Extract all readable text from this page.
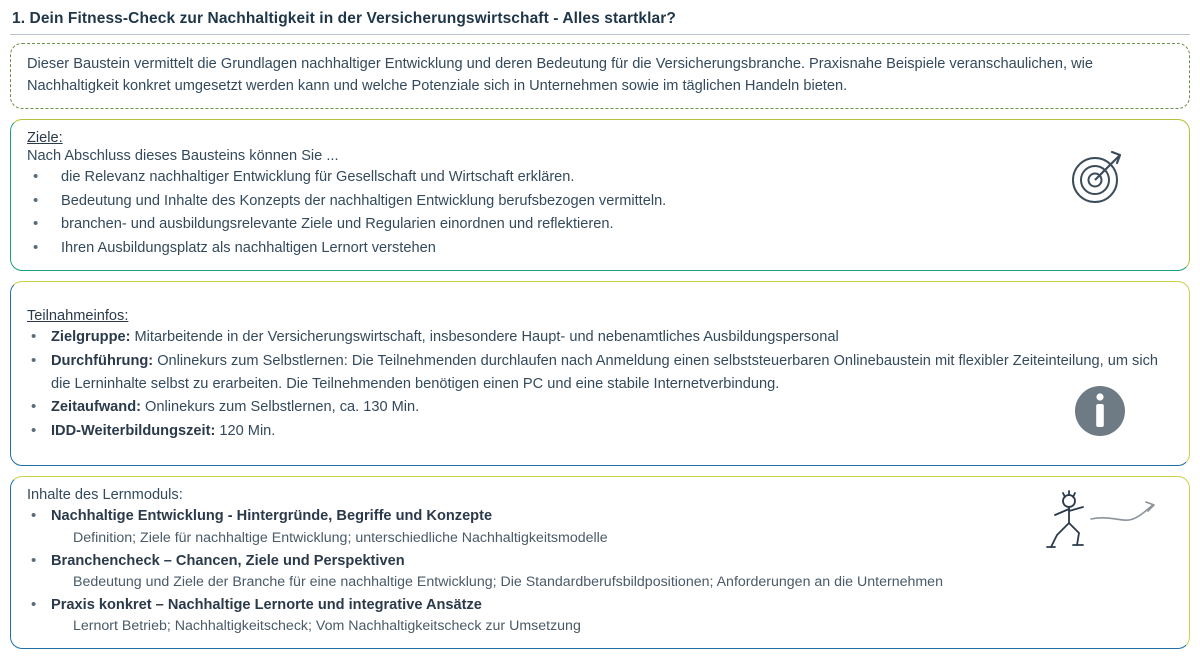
1. Dein Fitness-Check zur Nachhaltigkeit in der Versicherungswirtschaft - Alles startklar?

Dieser Baustein vermittelt die Grundlagen nachhaltiger Entwicklung und deren Bedeutung für die Versicherungsbranche. Praxisnahe Beispiele veranschaulichen, wie Nachhaltigkeit konkret umgesetzt werden kann und welche Potenziale sich in Unternehmen sowie im täglichen Handeln bieten.

Ziele:
Nach Abschluss dieses Bausteins können Sie ...
• die Relevanz nachhaltiger Entwicklung für Gesellschaft und Wirtschaft erklären.
• Bedeutung und Inhalte des Konzepts der nachhaltigen Entwicklung berufsbezogen vermitteln.
• branchen- und ausbildungsrelevante Ziele und Regularien einordnen und reflektieren.
• Ihren Ausbildungsplatz als nachhaltigen Lernort verstehen
Teilnahmeinfos:
• Zielgruppe: Mitarbeitende in der Versicherungswirtschaft, insbesondere Haupt- und nebenamtliches Ausbildungspersonal
• Durchführung: Onlinekurs zum Selbstlernen: Die Teilnehmenden durchlaufen nach Anmeldung einen selbststeuerbaren Onlinebaustein mit flexibler Zeiteinteilung, um sich die Lerninhalte selbst zu erarbeiten. Die Teilnehmenden benötigen einen PC und eine stabile Internetverbindung.
• Zeitaufwand: Onlinekurs zum Selbstlernen, ca. 130 Min.
• IDD-Weiterbildungszeit: 120 Min.
Inhalte des Lernmoduls:
• Nachhaltige Entwicklung - Hintergründe, Begriffe und Konzepte
Definition; Ziele für nachhaltige Entwicklung; unterschiedliche Nachhaltigkeitsmodelle
• Branchencheck – Chancen, Ziele und Perspektiven
Bedeutung und Ziele der Branche für eine nachhaltige Entwicklung; Die Standardberufsbildpositionen; Anforderungen an die Unternehmen
• Praxis konkret – Nachhaltige Lernorte und integrative Ansätze
Lernort Betrieb; Nachhaltigkeitscheck; Vom Nachhaltigkeitscheck zur Umsetzung
